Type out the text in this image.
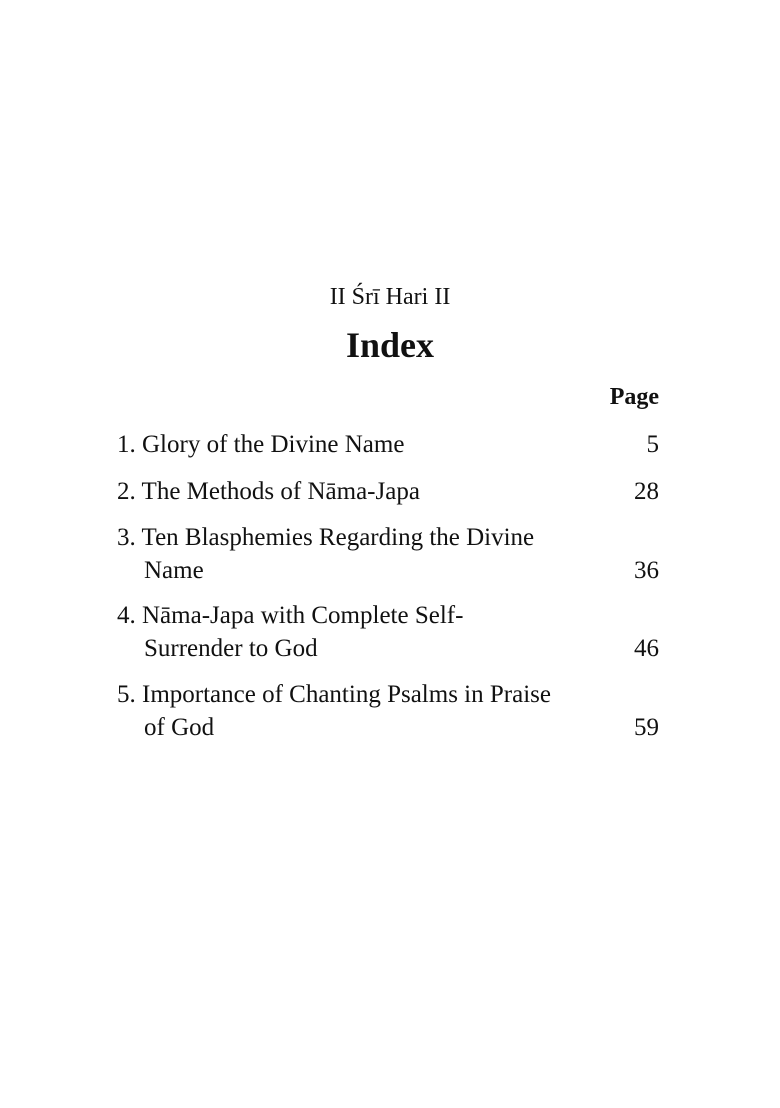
II Śrī Hari II
Index
Page
1. Glory of the Divine Name	5
2. The Methods of Nāma-Japa	28
3. Ten Blasphemies Regarding the Divine Name	36
4. Nāma-Japa with Complete Self-Surrender to God	46
5. Importance of Chanting Psalms in Praise of God	59
